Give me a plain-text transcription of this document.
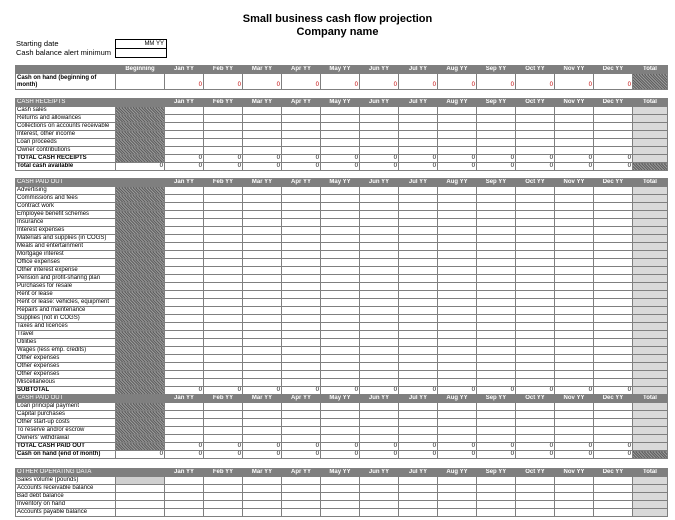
Small business cash flow projection
Company name
Starting date	MM YY
Cash balance alert minimum
	Beginning	Jan YY	Feb YY	Mar YY	Apr YY	May YY	Jun YY	Jul YY	Aug YY	Sep YY	Oct YY	Nov YY	Dec YY	Total
Cash on hand (beginning of month)		0	0	0	0	0	0	0	0	0	0	0	0	
CASH RECEIPTS		Jan YY	Feb YY	Mar YY	Apr YY	May YY	Jun YY	Jul YY	Aug YY	Sep YY	Oct YY	Nov YY	Dec YY	Total
Cash sales														
Returns and allowances														
Collections on accounts receivable														
Interest, other income														
Loan proceeds														
Owner contributions														
TOTAL CASH RECEIPTS		0	0	0	0	0	0	0	0	0	0	0	0	
Total cash available	0	0	0	0	0	0	0	0	0	0	0	0	0	
CASH PAID OUT		Jan YY	Feb YY	Mar YY	Apr YY	May YY	Jun YY	Jul YY	Aug YY	Sep YY	Oct YY	Nov YY	Dec YY	Total
Advertising														
Commissions and fees														
Contract work														
Employee benefit schemes														
Insurance														
Interest expenses														
Materials and supplies (in COGS)														
Meals and entertainment														
Mortgage interest														
Office expenses														
Other interest expense														
Pension and profit-sharing plan														
Purchases for resale														
Rent or lease														
Rent or lease: vehicles, equipment														
Repairs and maintenance														
Supplies (not in COGS)														
Taxes and licences														
Travel														
Utilities														
Wages (less emp. credits)														
Other expenses														
Other expenses														
Other expenses														
Miscellaneous														
SUBTOTAL		0	0	0	0	0	0	0	0	0	0	0	0	
CASH PAID OUT		Jan YY	Feb YY	Mar YY	Apr YY	May YY	Jun YY	Jul YY	Aug YY	Sep YY	Oct YY	Nov YY	Dec YY	Total
Loan principal payment														
Capital purchases														
Other start-up costs														
To reserve and/or escrow														
Owners' withdrawal														
TOTAL CASH PAID OUT		0	0	0	0	0	0	0	0	0	0	0	0	
Cash on hand (end of month)	0	0	0	0	0	0	0	0	0	0	0	0	0	
OTHER OPERATING DATA		Jan YY	Feb YY	Mar YY	Apr YY	May YY	Jun YY	Jul YY	Aug YY	Sep YY	Oct YY	Nov YY	Dec YY	Total
Sales volume (pounds)														
Accounts receivable balance														
Bad debt balance														
Inventory on hand														
Accounts payable balance														
